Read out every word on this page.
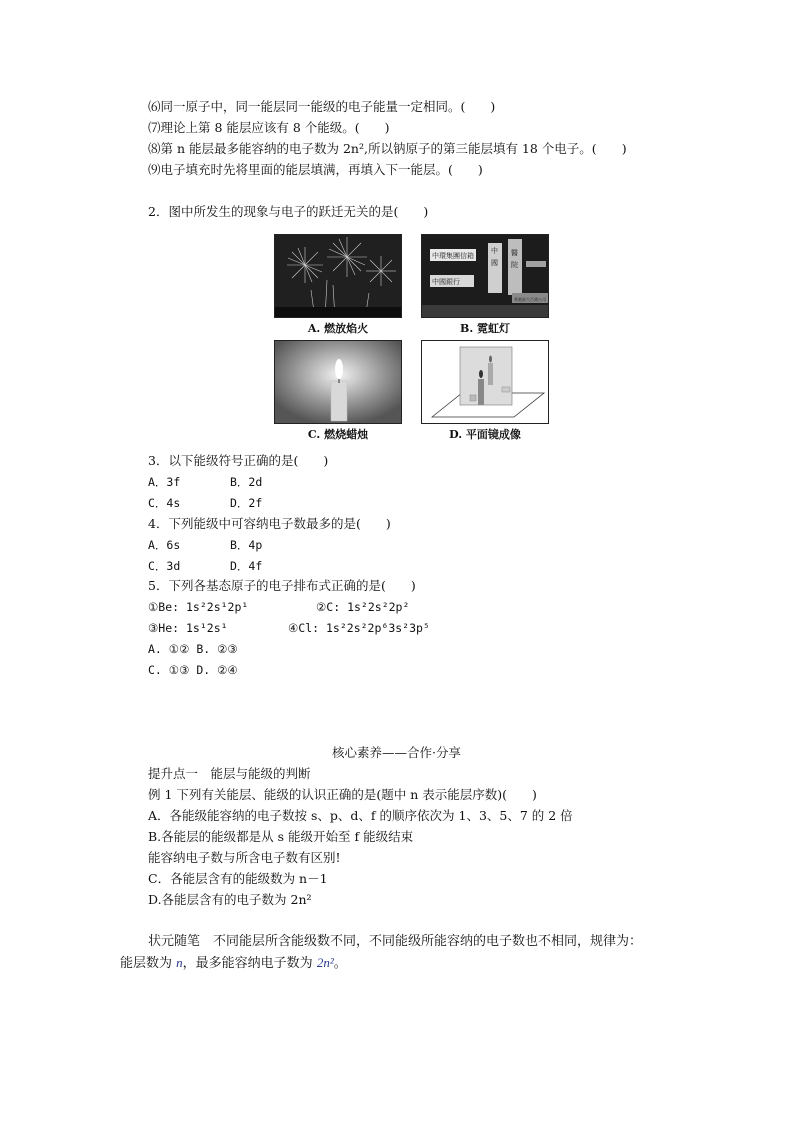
⑹同一原子中，同一能层同一能级的电子能量一定相同。(　　)
⑺理论上第 8 能层应该有 8 个能级。(　　)
⑻第 n 能层最多能容纳的电子数为 2n²,所以钠原子的第三能层填有 18 个电子。(　　)
⑼电子填充时先将里面的能层填满，再填入下一能层。(　　)
2．图中所发生的现象与电子的跃迁无关的是(　　)
A. 燃放焰火
中環集團信箱
中國銀行
中
國
醫
院
香港最大百貨公司
B. 霓虹灯
C. 燃烧蜡烛	D. 平面镜成像
3．以下能级符号正确的是(　　)
A．3f	B．2d
C．4s	D．2f
4．下列能级中可容纳电子数最多的是(　　)
A．6s	B．4p
C．3d	D．4f
5．下列各基态原子的电子排布式正确的是(　　)
①Be: 1s²2s¹2p¹	②C: 1s²2s²2p²
③He: 1s¹2s¹	④Cl: 1s²2s²2p⁶3s²3p⁵
A. ①② B. ②③
C. ①③ D. ②④
核心素养——合作·分享
提升点一　能层与能级的判断
例 1 下列有关能层、能级的认识正确的是(题中 n 表示能层序数)(　　)
A．各能级能容纳的电子数按 s、p、d、f 的顺序依次为 1、3、5、7 的 2 倍
B.各能层的能级都是从 s 能级开始至 f 能级结束
能容纳电子数与所含电子数有区别!
C．各能层含有的能级数为 n－1
D.各能层含有的电子数为 2n²
状元随笔　不同能层所含能级数不同，不同能级所能容纳的电子数也不相同，规律为：
能层数为 n，最多能容纳电子数为 2n²。
